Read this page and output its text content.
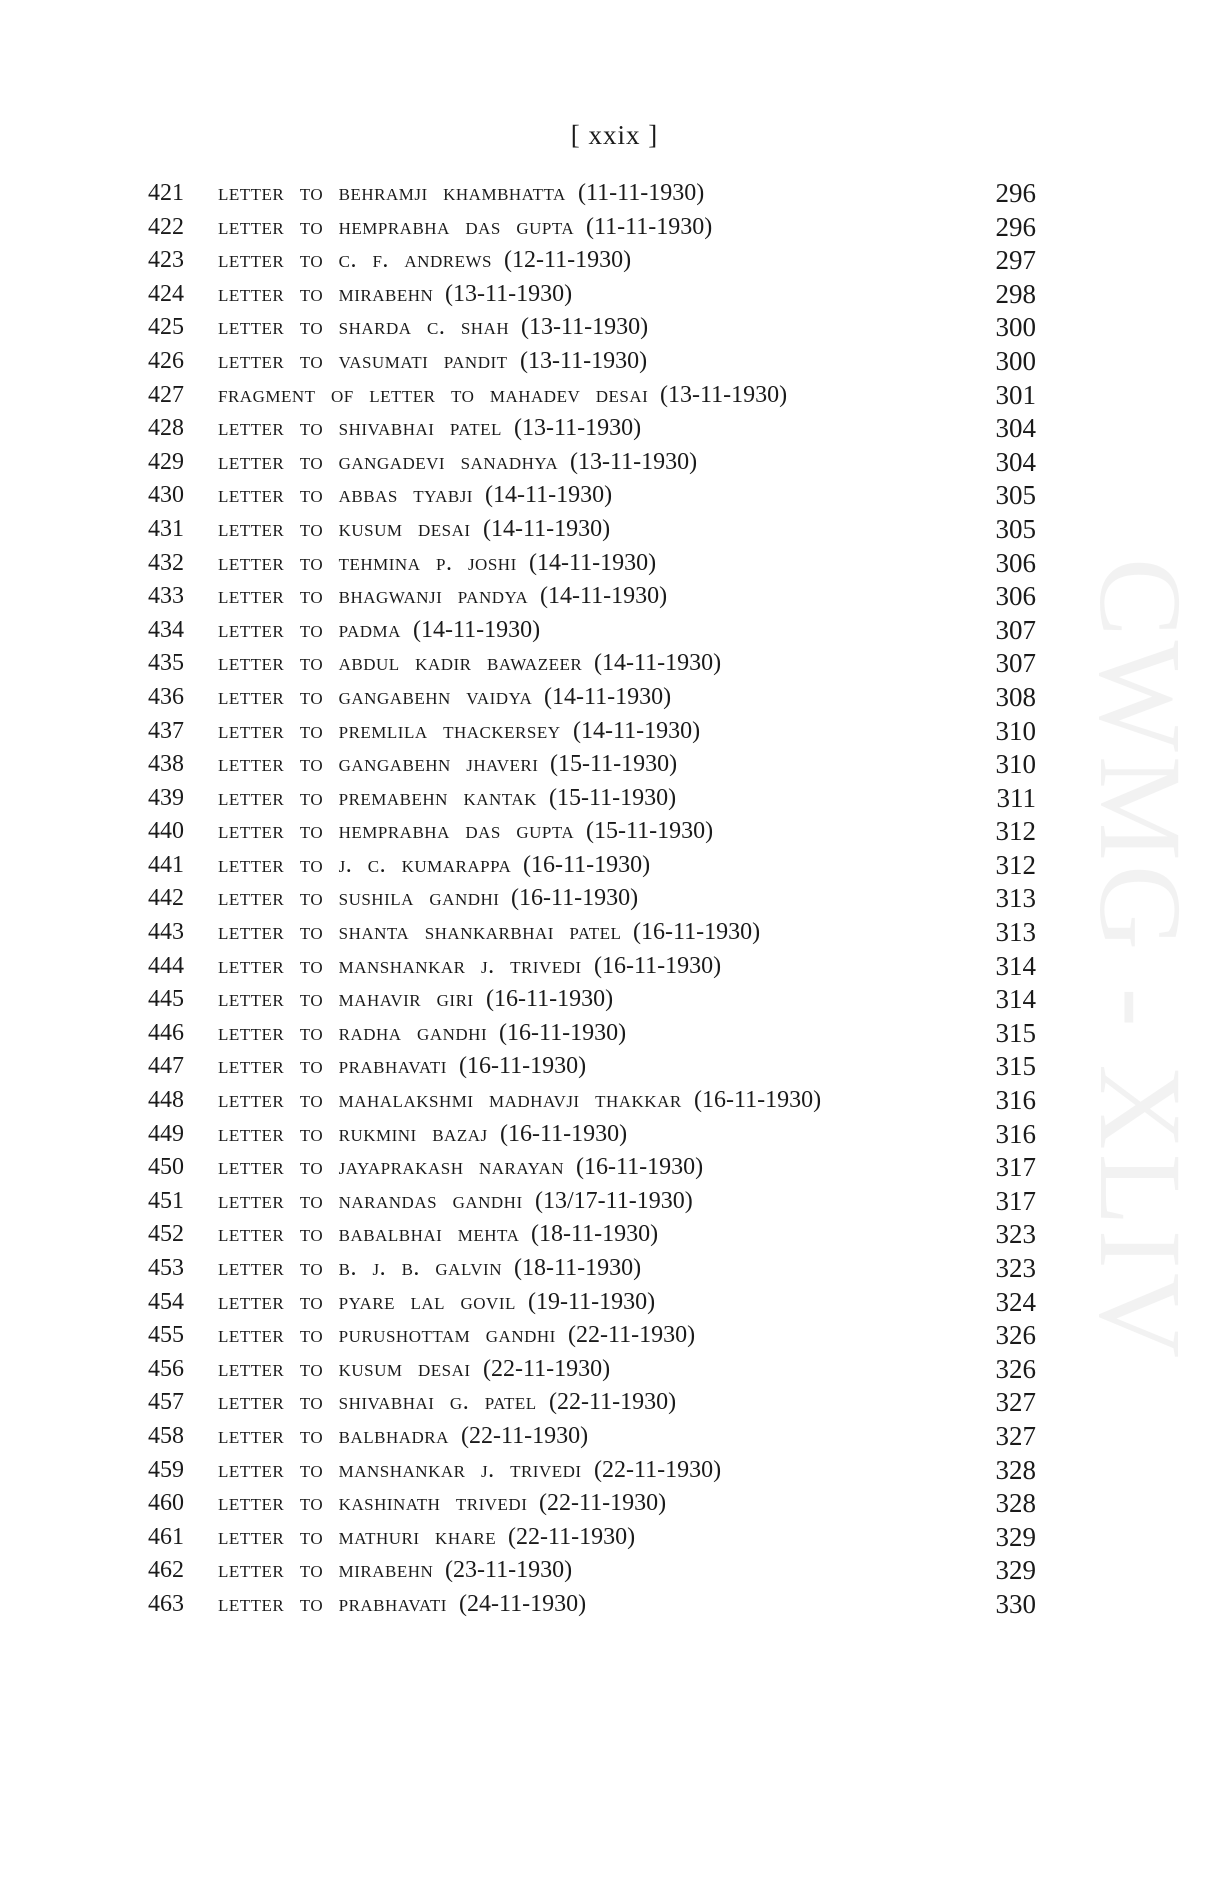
[ xxix ]
CWMG - XLIV
421 letter to behramji khambhatta (11-11-1930)	296
422 letter to hemprabha das gupta (11-11-1930)	296
423 letter to c. f. andrews (12-11-1930)	297
424 letter to mirabehn (13-11-1930)	298
425 letter to sharda c. shah (13-11-1930)	300
426 letter to vasumati pandit (13-11-1930)	300
427 fragment of letter to mahadev desai (13-11-1930)	301
428 letter to shivabhai patel (13-11-1930)	304
429 letter to gangadevi sanadhya (13-11-1930)	304
430 letter to abbas tyabji (14-11-1930)	305
431 letter to kusum desai (14-11-1930)	305
432 letter to tehmina p. joshi (14-11-1930)	306
433 letter to bhagwanji pandya (14-11-1930)	306
434 letter to padma (14-11-1930)	307
435 letter to abdul kadir bawazeer (14-11-1930)	307
436 letter to gangabehn vaidya (14-11-1930)	308
437 letter to premlila thackersey (14-11-1930)	310
438 letter to gangabehn jhaveri (15-11-1930)	310
439 letter to premabehn kantak (15-11-1930)	311
440 letter to hemprabha das gupta (15-11-1930)	312
441 letter to j. c. kumarappa (16-11-1930)	312
442 letter to sushila gandhi (16-11-1930)	313
443 letter to shanta shankarbhai patel (16-11-1930)	313
444 letter to manshankar j. trivedi (16-11-1930)	314
445 letter to mahavir giri (16-11-1930)	314
446 letter to radha gandhi (16-11-1930)	315
447 letter to prabhavati (16-11-1930)	315
448 letter to mahalakshmi madhavji thakkar (16-11-1930)	316
449 letter to rukmini bazaj (16-11-1930)	316
450 letter to jayaprakash narayan (16-11-1930)	317
451 letter to narandas gandhi (13/17-11-1930)	317
452 letter to babalbhai mehta (18-11-1930)	323
453 letter to b. j. b. galvin (18-11-1930)	323
454 letter to pyare lal govil (19-11-1930)	324
455 letter to purushottam gandhi (22-11-1930)	326
456 letter to kusum desai (22-11-1930)	326
457 letter to shivabhai g. patel (22-11-1930)	327
458 letter to balbhadra (22-11-1930)	327
459 letter to manshankar j. trivedi (22-11-1930)	328
460 letter to kashinath trivedi (22-11-1930)	328
461 letter to mathuri khare (22-11-1930)	329
462 letter to mirabehn (23-11-1930)	329
463 letter to prabhavati (24-11-1930)	330
